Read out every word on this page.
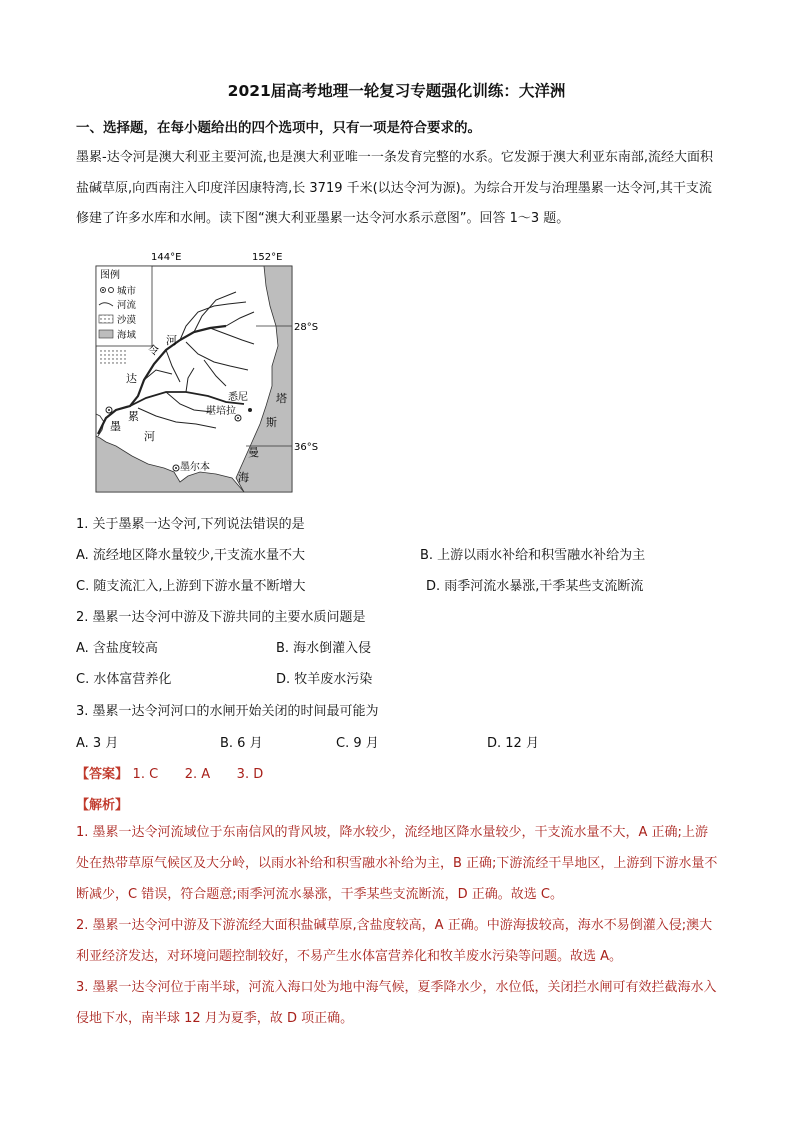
2021届高考地理一轮复习专题强化训练：大洋洲
一、选择题，在每小题给出的四个选项中，只有一项是符合要求的。

墨累-达令河是澳大利亚主要河流,也是澳大利亚唯一一条发育完整的水系。它发源于澳大利亚东南部,流经大面积盐碱草原,向西南注入印度洋因康特湾,长 3719 千米(以达令河为源)。为综合开发与治理墨累一达令河,其干支流修建了许多水库和水闸。读下图“澳大利亚墨累一达令河水系示意图”。回答 1～3 题。

144°E	152°E
图例
城市
河流
沙漠
海域
28°S
36°S
令
河
达
墨
累
河
堪培拉
悉尼
墨尔本
塔
斯
曼
海
1. 关于墨累一达令河,下列说法错误的是
A. 流经地区降水量较少,干支流水量不大	B. 上游以雨水补给和积雪融水补给为主
C. 随支流汇入,上游到下游水量不断增大	D. 雨季河流水暴涨,干季某些支流断流
2. 墨累一达令河中游及下游共同的主要水质问题是
A. 含盐度较高	B. 海水倒灌入侵
C. 水体富营养化	D. 牧羊废水污染
3. 墨累一达令河河口的水闸开始关闭的时间最可能为
A. 3 月	B. 6 月	C. 9 月	D. 12 月
【答案】 1. C 2. A 3. D
【解析】

1. 墨累一达令河流域位于东南信风的背风坡，降水较少，流经地区降水量较少，干支流水量不大，A 正确;上游处在热带草原气候区及大分岭，以雨水补给和积雪融水补给为主，B 正确;下游流经干旱地区，上游到下游水量不断减少，C 错误，符合题意;雨季河流水暴涨，干季某些支流断流，D 正确。故选 C。

2. 墨累一达令河中游及下游流经大面积盐碱草原,含盐度较高，A 正确。中游海拔较高，海水不易倒灌入侵;澳大利亚经济发达，对环境问题控制较好，不易产生水体富营养化和牧羊废水污染等问题。故选 A。

3. 墨累一达令河位于南半球，河流入海口处为地中海气候，夏季降水少，水位低，关闭拦水闸可有效拦截海水入侵地下水，南半球 12 月为夏季，故 D 项正确。
